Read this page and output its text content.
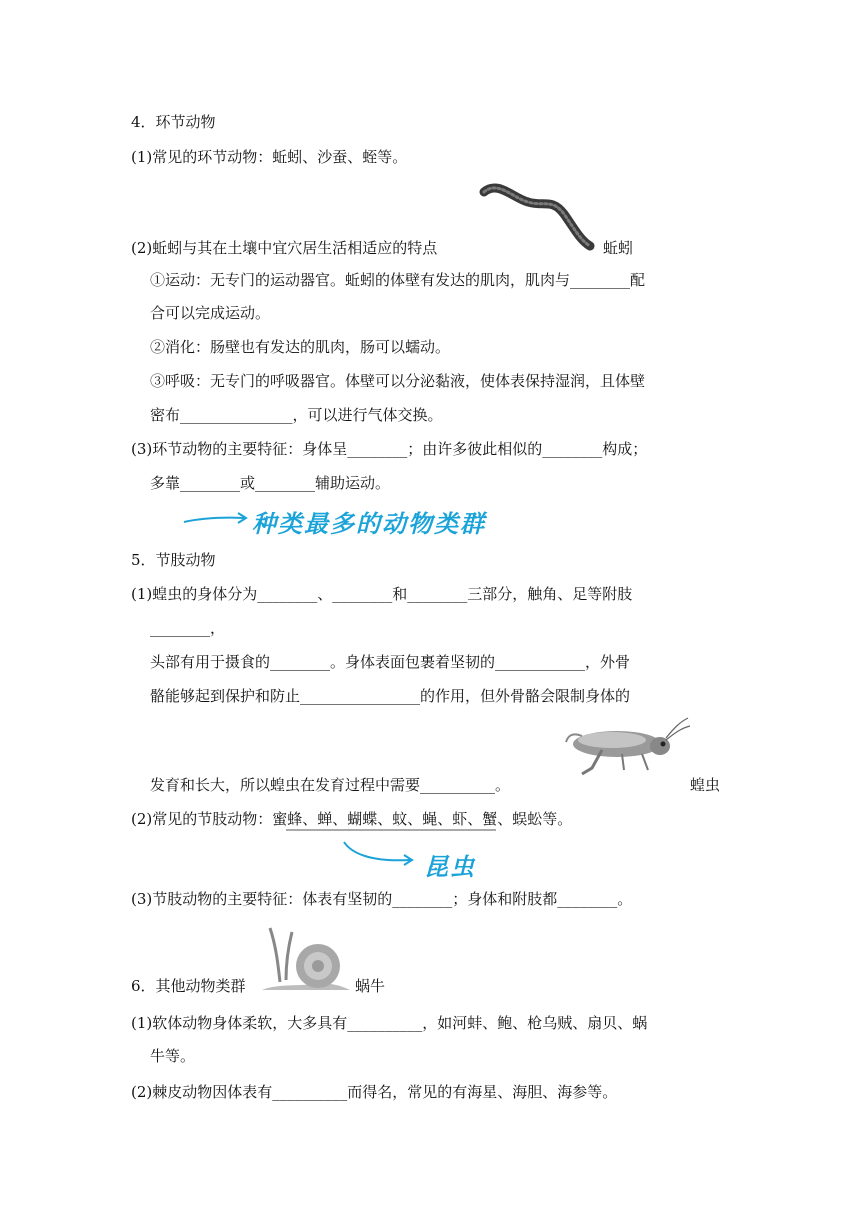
4．环节动物
(1)常见的环节动物：蚯蚓、沙蚕、蛭等。
(2)蚯蚓与其在土壤中宜穴居生活相适应的特点	蚯蚓
①运动：无专门的运动器官。蚯蚓的体壁有发达的肌肉，肌肉与________配
合可以完成运动。
②消化：肠壁也有发达的肌肉，肠可以蠕动。
③呼吸：无专门的呼吸器官。体壁可以分泌黏液，使体表保持湿润，且体壁
密布_______________，可以进行气体交换。
(3)环节动物的主要特征：身体呈________；由许多彼此相似的________构成；
多靠________或________辅助运动。
种类最多的动物类群
5．节肢动物
(1)蝗虫的身体分为________、________和________三部分，触角、足等附肢
________，
头部有用于摄食的________。身体表面包裹着坚韧的____________，外骨
骼能够起到保护和防止________________的作用，但外骨骼会限制身体的
发育和长大，所以蝗虫在发育过程中需要__________。	蝗虫
(2)常见的节肢动物：蜜蜂、蝉、蝴蝶、蚊、蝇、虾、蟹、蜈蚣等。
昆虫
(3)节肢动物的主要特征：体表有坚韧的________；身体和附肢都________。
6．其他动物类群	蜗牛
(1)软体动物身体柔软，大多具有__________，如河蚌、鲍、枪乌贼、扇贝、蜗
牛等。
(2)棘皮动物因体表有__________而得名，常见的有海星、海胆、海参等。
